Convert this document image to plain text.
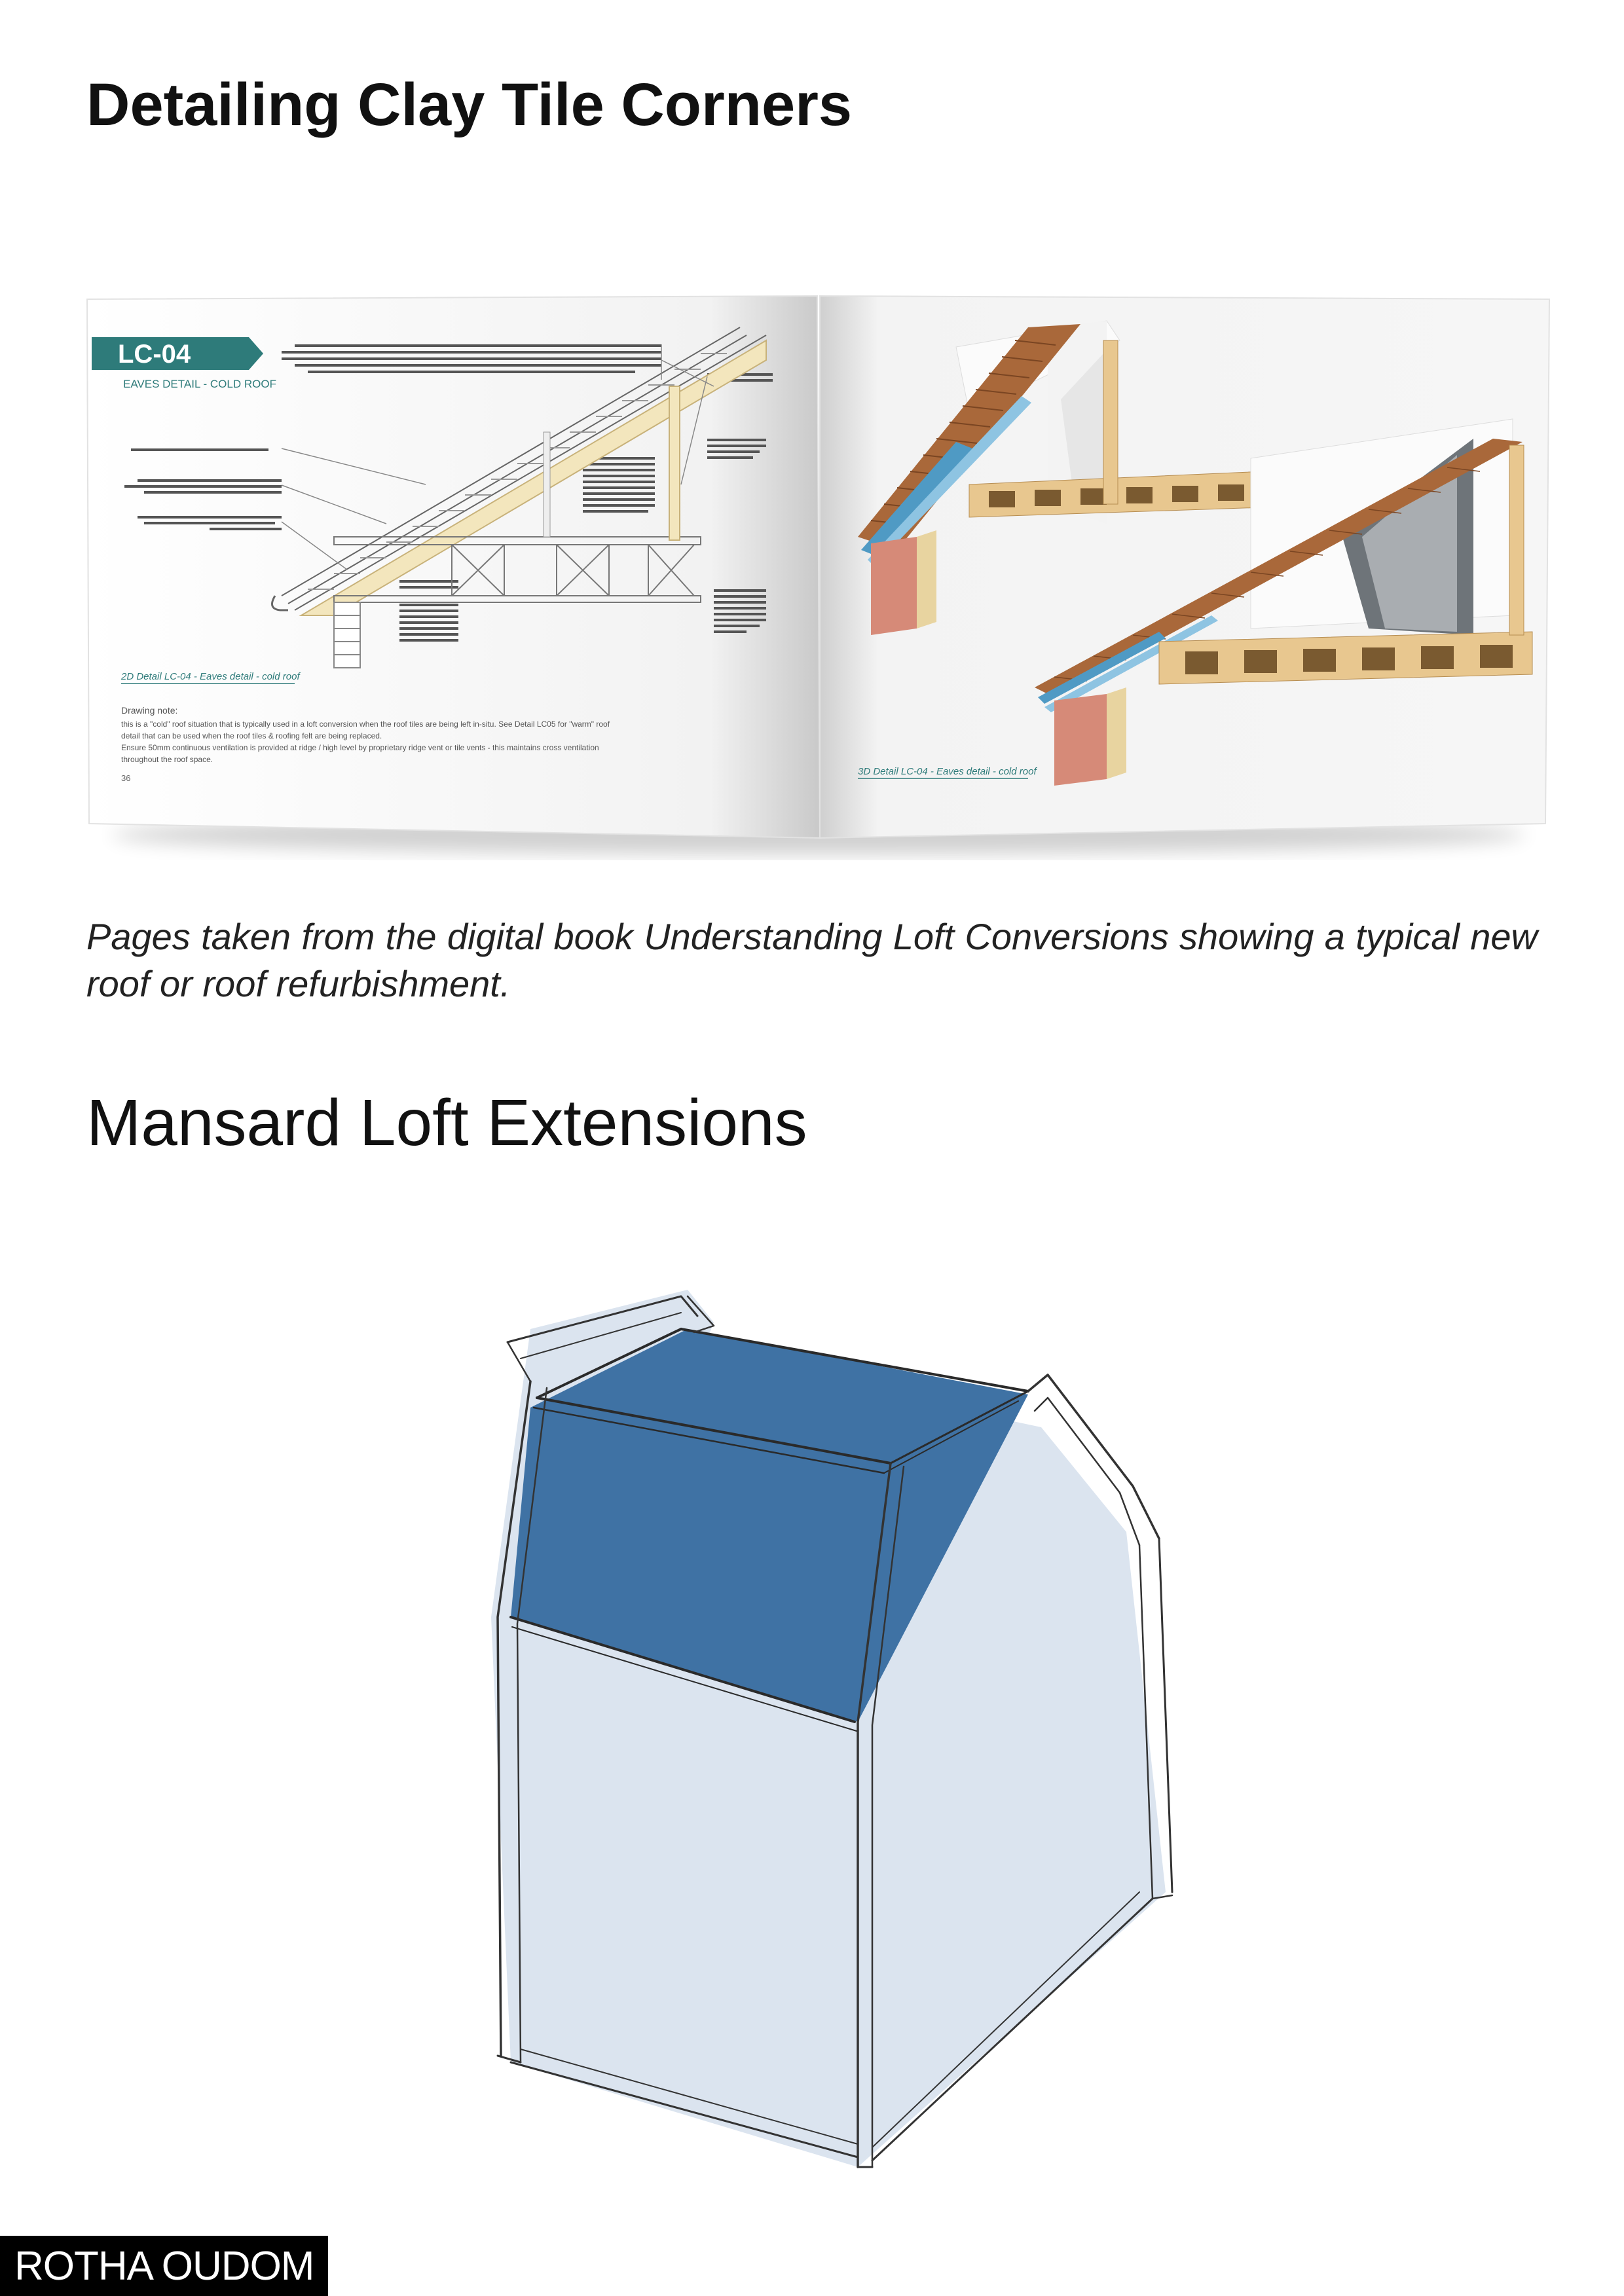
Detailing Clay Tile Corners
LC-04
EAVES DETAIL - COLD ROOF
2D Detail LC-04 - Eaves detail - cold roof
Drawing note:
this is a "cold" roof situation that is typically used in a loft conversion when the roof tiles are being left in-situ. See Detail LC05 for "warm" roof
detail that can be used when the roof tiles & roofing felt are being replaced.
Ensure 50mm continuous ventilation is provided at ridge / high level by proprietary ridge vent or tile vents - this maintains cross ventilation
throughout the roof space.
36
3D Detail LC-04 - Eaves detail - cold roof

Pages taken from the digital book Understanding Loft Conversions showing a typical new roof or roof refurbishment.

Mansard Loft Extensions
ROTHA OUDOM
